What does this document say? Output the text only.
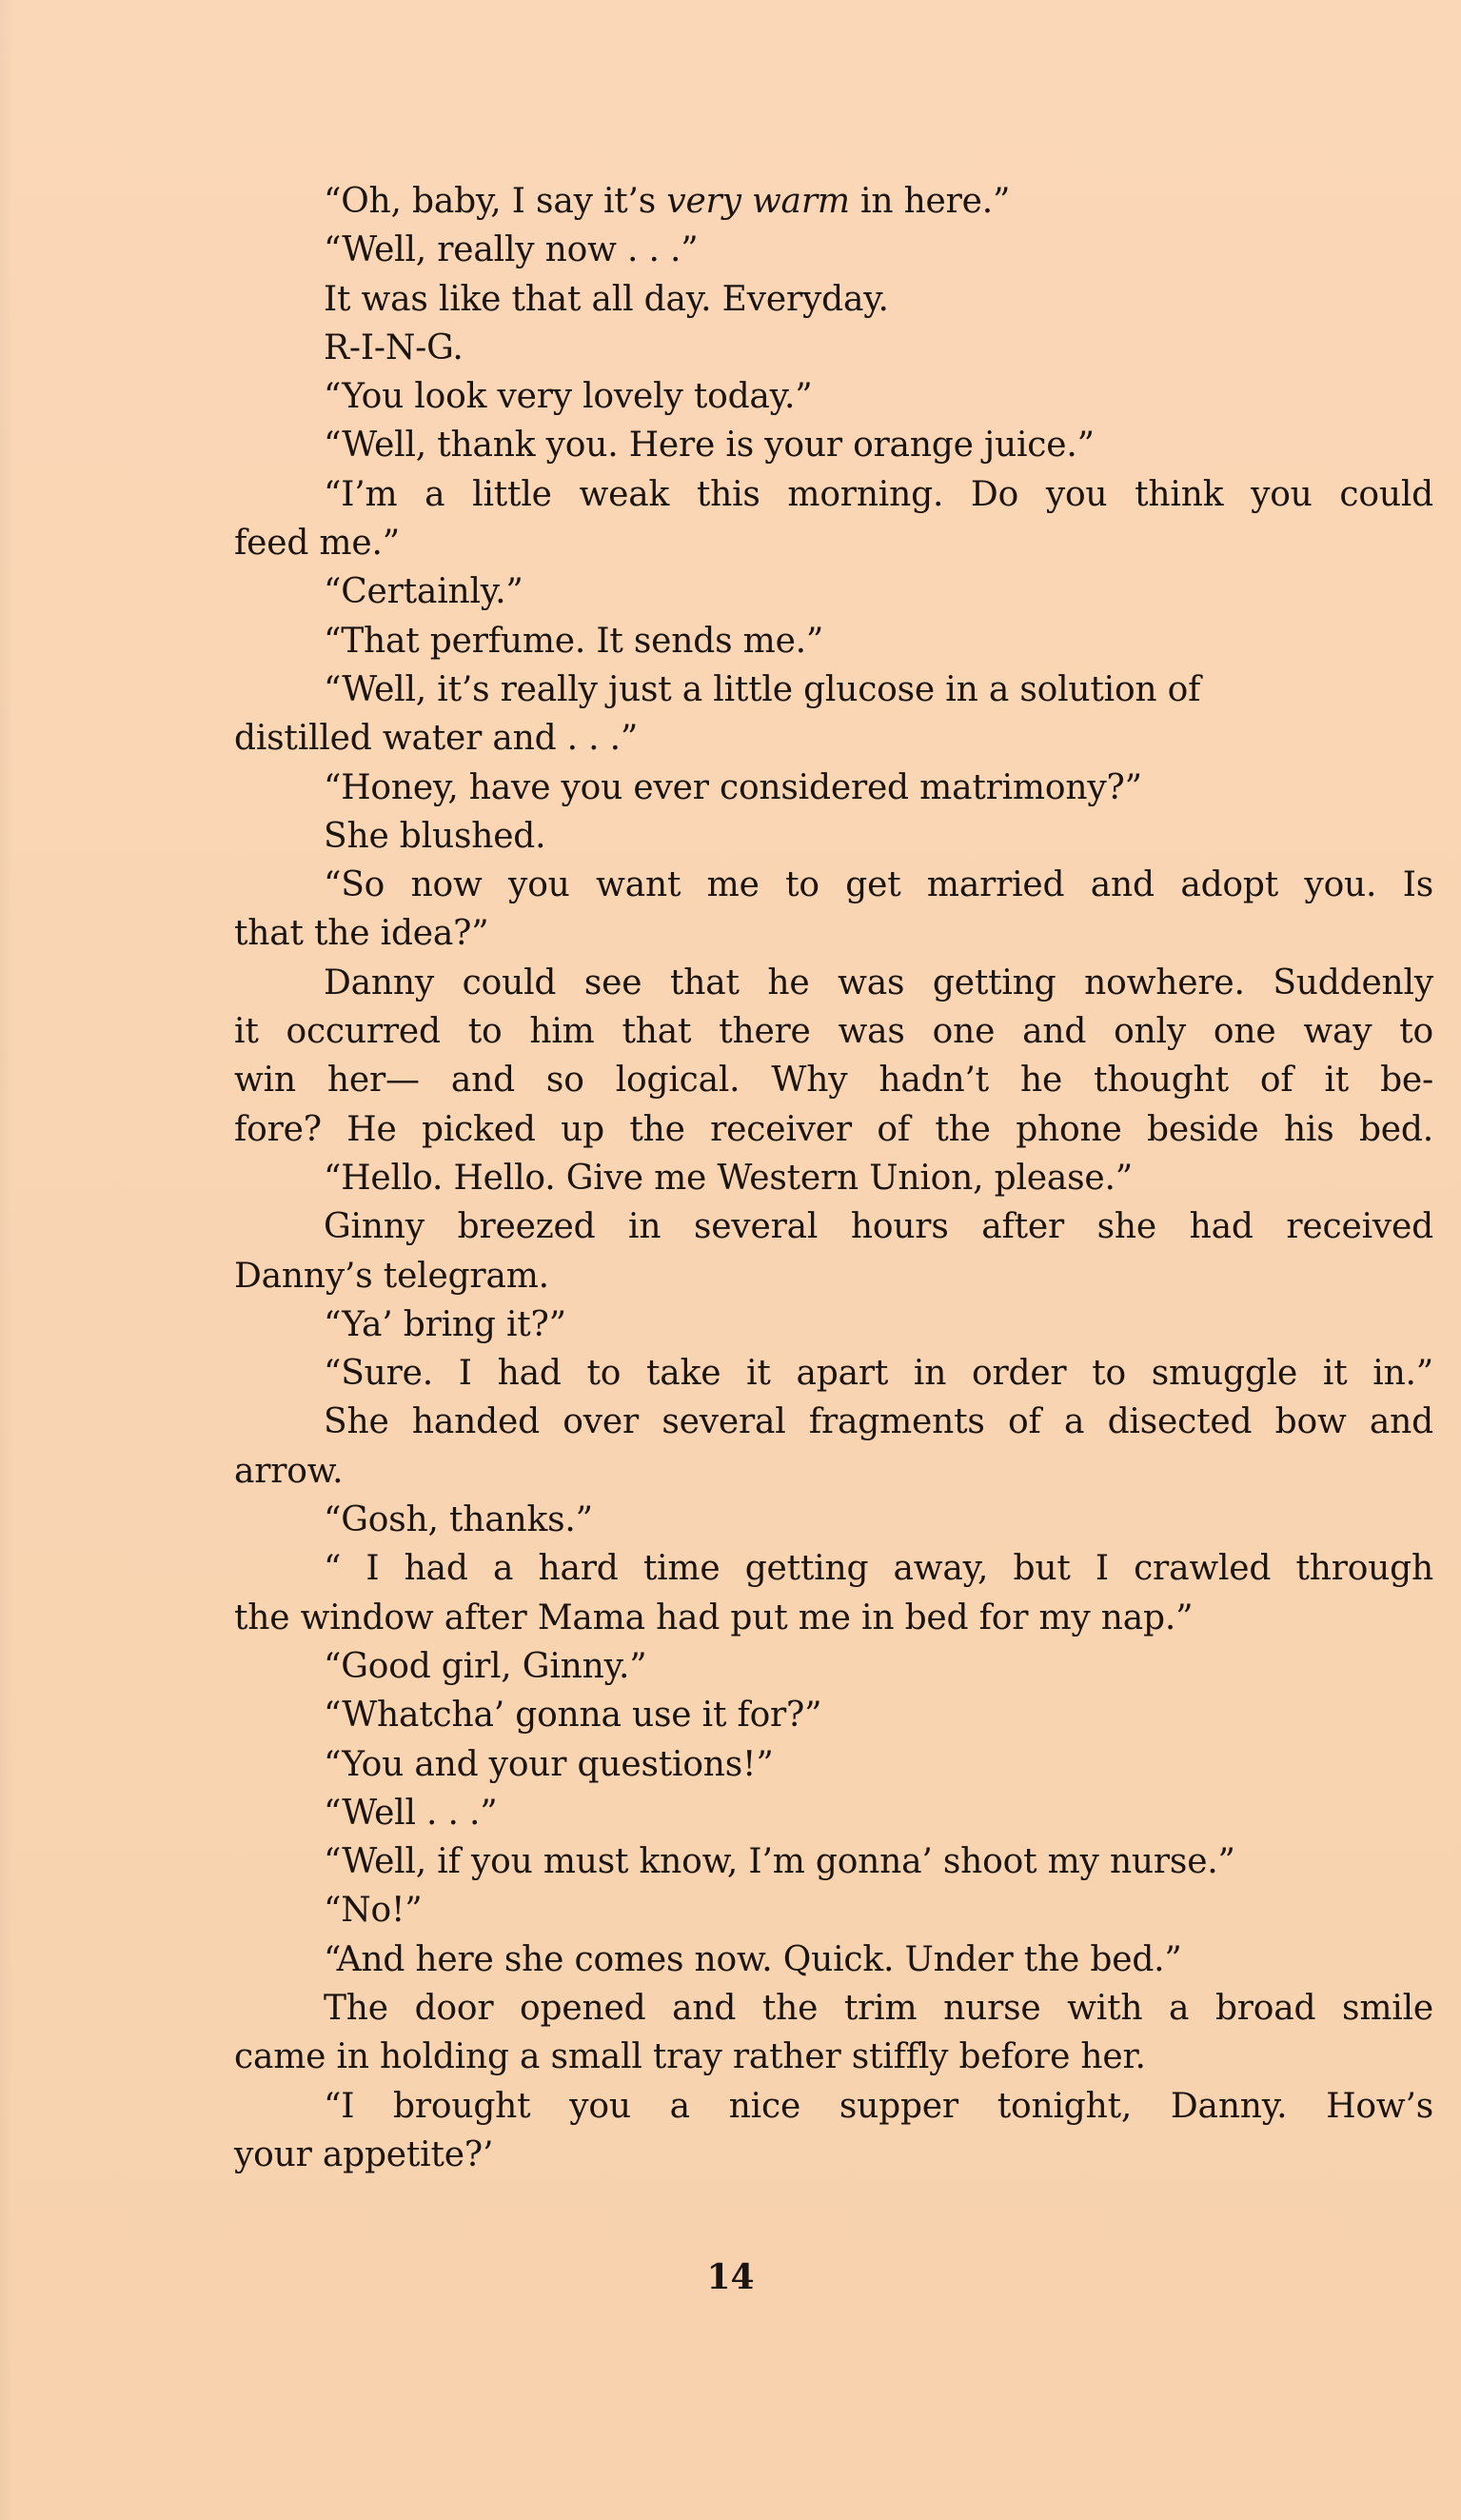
“Oh, baby, I say it’s very warm in here.”
“Well, really now . . .”
It was like that all day. Everyday.
R-I-N-G.
“You look very lovely today.”
“Well, thank you. Here is your orange juice.”
“I’m a little weak this morning. Do you think you could
feed me.”
“Certainly.”
“That perfume. It sends me.”
“Well, it’s really just a little glucose in a solution of
distilled water and . . .”
“Honey, have you ever considered matrimony?”
She blushed.
“So now you want me to get married and adopt you. Is
that the idea?”
Danny could see that he was getting nowhere. Suddenly
it occurred to him that there was one and only one way to
win her— and so logical. Why hadn’t he thought of it be-
fore? He picked up the receiver of the phone beside his bed.
“Hello. Hello. Give me Western Union, please.”
Ginny breezed in several hours after she had received
Danny’s telegram.
“Ya’ bring it?”
“Sure. I had to take it apart in order to smuggle it in.”
She handed over several fragments of a disected bow and
arrow.
“Gosh, thanks.”
“ I had a hard time getting away, but I crawled through
the window after Mama had put me in bed for my nap.”
“Good girl, Ginny.”
“Whatcha’ gonna use it for?”
“You and your questions!”
“Well . . .”
“Well, if you must know, I’m gonna’ shoot my nurse.”
“No!”
“And here she comes now. Quick. Under the bed.”
The door opened and the trim nurse with a broad smile
came in holding a small tray rather stiffly before her.
“I brought you a nice supper tonight, Danny. How’s
your appetite?’
14
